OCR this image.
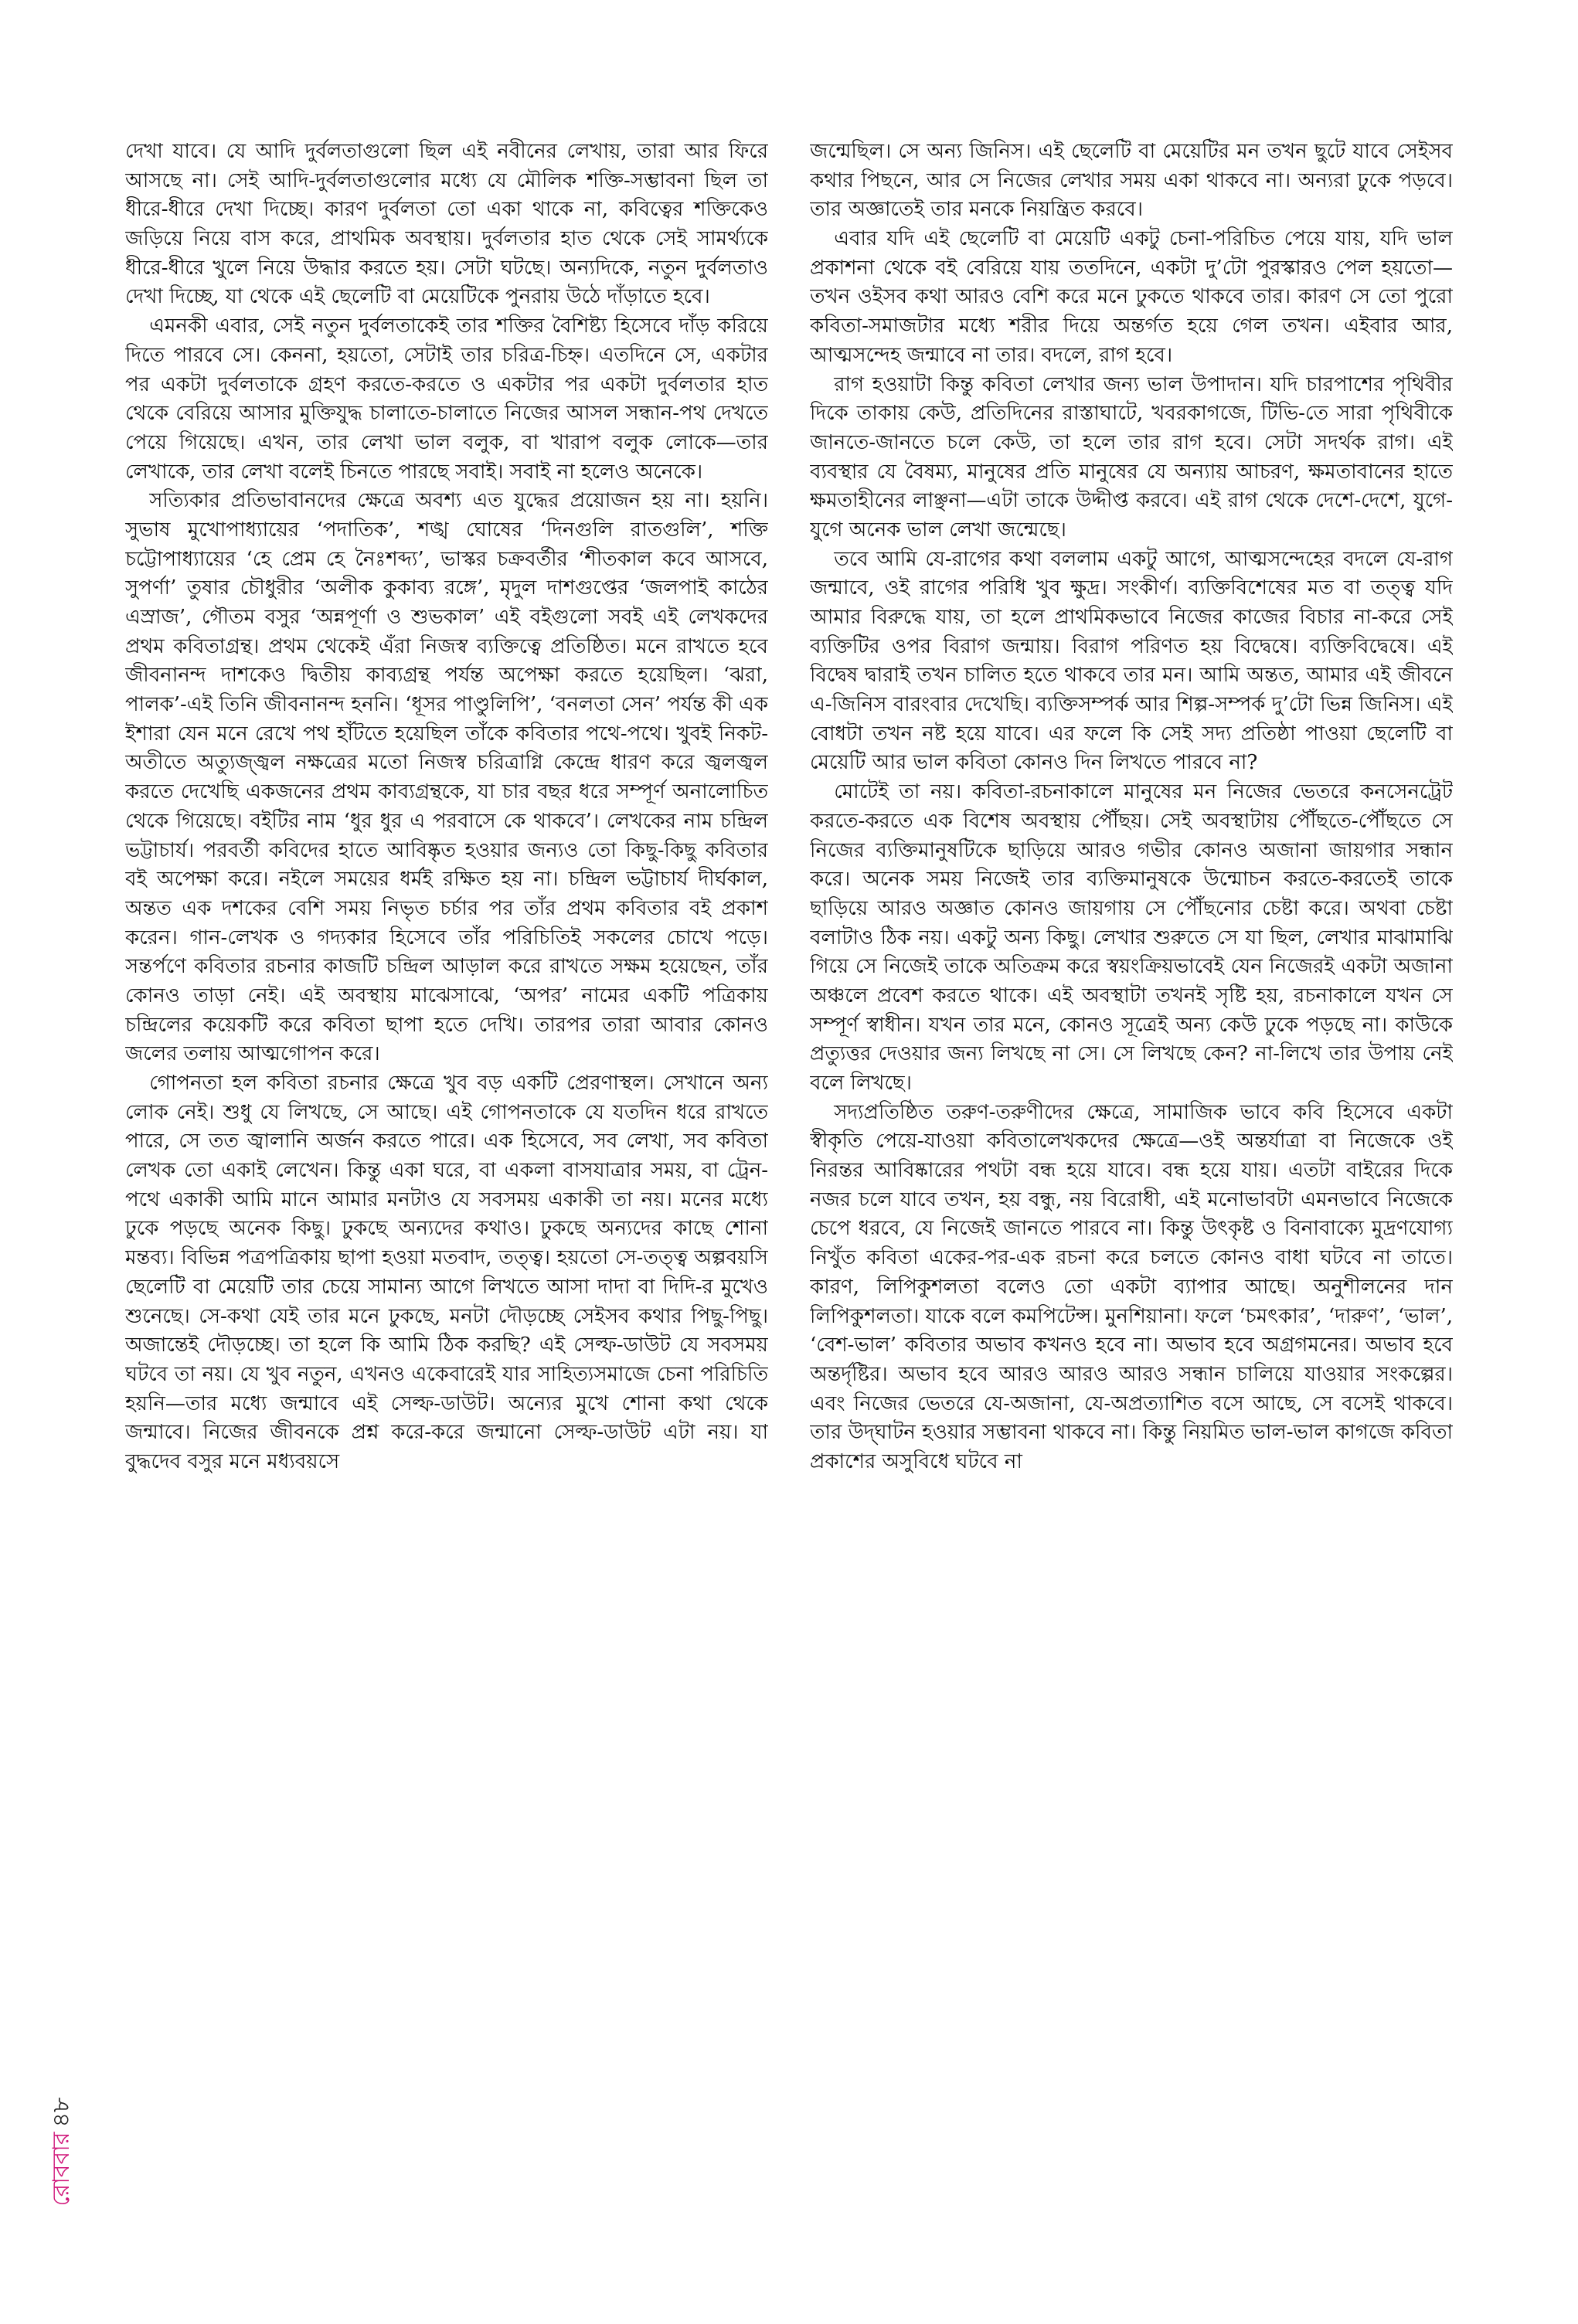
দেখা যাবে। যে আদি দুর্বলতাগুলো ছিল এই নবীনের লেখায়, তারা আর ফিরে আসছে না। সেই আদি-দুর্বলতাগুলোর মধ্যে যে মৌলিক শক্তি-সম্ভাবনা ছিল তা ধীরে-ধীরে দেখা দিচ্ছে। কারণ দুর্বলতা তো একা থাকে না, কবিত্বের শক্তিকেও জড়িয়ে নিয়ে বাস করে, প্রাথমিক অবস্থায়। দুর্বলতার হাত থেকে সেই সামর্থ্যকে ধীরে-ধীরে খুলে নিয়ে উদ্ধার করতে হয়। সেটা ঘটছে। অন্যদিকে, নতুন দুর্বলতাও দেখা দিচ্ছে, যা থেকে এই ছেলেটি বা মেয়েটিকে পুনরায় উঠে দাঁড়াতে হবে।

এমনকী এবার, সেই নতুন দুর্বলতাকেই তার শক্তির বৈশিষ্ট্য হিসেবে দাঁড় করিয়ে দিতে পারবে সে। কেননা, হয়তো, সেটাই তার চরিত্র-চিহ্ন। এতদিনে সে, একটার পর একটা দুর্বলতাকে গ্রহণ করতে-করতে ও একটার পর একটা দুর্বলতার হাত থেকে বেরিয়ে আসার মুক্তিযুদ্ধ চালাতে-চালাতে নিজের আসল সন্ধান-পথ দেখতে পেয়ে গিয়েছে। এখন, তার লেখা ভাল বলুক, বা খারাপ বলুক লোকে—তার লেখাকে, তার লেখা বলেই চিনতে পারছে সবাই। সবাই না হলেও অনেকে।

সত্যিকার প্রতিভাবানদের ক্ষেত্রে অবশ্য এত যুদ্ধের প্রয়োজন হয় না। হয়নি। সুভাষ মুখোপাধ্যায়ের ‘পদাতিক’, শঙ্খ ঘোষের ‘দিনগুলি রাতগুলি’, শক্তি চট্টোপাধ্যায়ের ‘হে প্রেম হে নৈঃশব্দ্য’, ভাস্কর চক্রবর্তীর ‘শীতকাল কবে আসবে, সুপর্ণা’ তুষার চৌধুরীর ‘অলীক কুকাব্য রঙ্গে’, মৃদুল দাশগুপ্তের ‘জলপাই কাঠের এস্রাজ’, গৌতম বসুর ‘অন্নপূর্ণা ও শুভকাল’ এই বইগুলো সবই এই লেখকদের প্রথম কবিতাগ্রন্থ। প্রথম থেকেই এঁরা নিজস্ব ব্যক্তিত্বে প্রতিষ্ঠিত। মনে রাখতে হবে জীবনানন্দ দাশকেও দ্বিতীয় কাব্যগ্রন্থ পর্যন্ত অপেক্ষা করতে হয়েছিল। ‘ঝরা, পালক’-এই তিনি জীবনানন্দ হননি। ‘ধূসর পাণ্ডুলিপি’, ‘বনলতা সেন’ পর্যন্ত কী এক ইশারা যেন মনে রেখে পথ হাঁটতে হয়েছিল তাঁকে কবিতার পথে-পথে। খুবই নিকট-অতীতে অত্যুজ্জ্বল নক্ষত্রের মতো নিজস্ব চরিত্রাগ্নি কেন্দ্রে ধারণ করে জ্বলজ্বল করতে দেখেছি একজনের প্রথম কাব্যগ্রন্থকে, যা চার বছর ধরে সম্পূর্ণ অনালোচিত থেকে গিয়েছে। বইটির নাম ‘ধুর ধুর এ পরবাসে কে থাকবে’। লেখকের নাম চন্দ্রিল ভট্টাচার্য। পরবর্তী কবিদের হাতে আবিষ্কৃত হওয়ার জন্যও তো কিছু-কিছু কবিতার বই অপেক্ষা করে। নইলে সময়ের ধর্মই রক্ষিত হয় না। চন্দ্রিল ভট্টাচার্য দীর্ঘকাল, অন্তত এক দশকের বেশি সময় নিভৃত চর্চার পর তাঁর প্রথম কবিতার বই প্রকাশ করেন। গান-লেখক ও গদ্যকার হিসেবে তাঁর পরিচিতিই সকলের চোখে পড়ে। সন্তর্পণে কবিতার রচনার কাজটি চন্দ্রিল আড়াল করে রাখতে সক্ষম হয়েছেন, তাঁর কোনও তাড়া নেই। এই অবস্থায় মাঝেসাঝে, ‘অপর’ নামের একটি পত্রিকায় চন্দ্রিলের কয়েকটি করে কবিতা ছাপা হতে দেখি। তারপর তারা আবার কোনও জলের তলায় আত্মগোপন করে।

গোপনতা হল কবিতা রচনার ক্ষেত্রে খুব বড় একটি প্রেরণাস্থল। সেখানে অন্য লোক নেই। শুধু যে লিখছে, সে আছে। এই গোপনতাকে যে যতদিন ধরে রাখতে পারে, সে তত জ্বালানি অর্জন করতে পারে। এক হিসেবে, সব লেখা, সব কবিতা লেখক তো একাই লেখেন। কিন্তু একা ঘরে, বা একলা বাসযাত্রার সময়, বা ট্রেন-পথে একাকী আমি মানে আমার মনটাও যে সবসময় একাকী তা নয়। মনের মধ্যে ঢুকে পড়ছে অনেক কিছু। ঢুকছে অন্যদের কথাও। ঢুকছে অন্যদের কাছে শোনা মন্তব্য। বিভিন্ন পত্রপত্রিকায় ছাপা হওয়া মতবাদ, তত্ত্ব। হয়তো সে-তত্ত্ব অল্পবয়সি ছেলেটি বা মেয়েটি তার চেয়ে সামান্য আগে লিখতে আসা দাদা বা দিদি-র মুখেও শুনেছে। সে-কথা যেই তার মনে ঢুকছে, মনটা দৌড়চ্ছে সেইসব কথার পিছু-পিছু। অজান্তেই দৌড়চ্ছে। তা হলে কি আমি ঠিক করছি? এই সেল্ফ-ডাউট যে সবসময় ঘটবে তা নয়। যে খুব নতুন, এখনও একেবারেই যার সাহিত্যসমাজে চেনা পরিচিতি হয়নি—তার মধ্যে জন্মাবে এই সেল্ফ-ডাউট। অন্যের মুখে শোনা কথা থেকে জন্মাবে। নিজের জীবনকে প্রশ্ন করে-করে জন্মানো সেল্ফ-ডাউট এটা নয়। যা বুদ্ধদেব বসুর মনে মধ্যবয়সে

জন্মেছিল। সে অন্য জিনিস। এই ছেলেটি বা মেয়েটির মন তখন ছুটে যাবে সেইসব কথার পিছনে, আর সে নিজের লেখার সময় একা থাকবে না। অন্যরা ঢুকে পড়বে। তার অজ্ঞাতেই তার মনকে নিয়ন্ত্রিত করবে।

এবার যদি এই ছেলেটি বা মেয়েটি একটু চেনা-পরিচিত পেয়ে যায়, যদি ভাল প্রকাশনা থেকে বই বেরিয়ে যায় ততদিনে, একটা দু’টো পুরস্কারও পেল হয়তো—তখন ওইসব কথা আরও বেশি করে মনে ঢুকতে থাকবে তার। কারণ সে তো পুরো কবিতা-সমাজটার মধ্যে শরীর দিয়ে অন্তর্গত হয়ে গেল তখন। এইবার আর, আত্মসন্দেহ জন্মাবে না তার। বদলে, রাগ হবে।

রাগ হওয়াটা কিন্তু কবিতা লেখার জন্য ভাল উপাদান। যদি চারপাশের পৃথিবীর দিকে তাকায় কেউ, প্রতিদিনের রাস্তাঘাটে, খবরকাগজে, টিভি-তে সারা পৃথিবীকে জানতে-জানতে চলে কেউ, তা হলে তার রাগ হবে। সেটা সদর্থক রাগ। এই ব্যবস্থার যে বৈষম্য, মানুষের প্রতি মানুষের যে অন্যায় আচরণ, ক্ষমতাবানের হাতে ক্ষমতাহীনের লাঞ্ছনা—এটা তাকে উদ্দীপ্ত করবে। এই রাগ থেকে দেশে-দেশে, যুগে-যুগে অনেক ভাল লেখা জন্মেছে।

তবে আমি যে-রাগের কথা বললাম একটু আগে, আত্মসন্দেহের বদলে যে-রাগ জন্মাবে, ওই রাগের পরিধি খুব ক্ষুদ্র। সংকীর্ণ। ব্যক্তিবিশেষের মত বা তত্ত্ব যদি আমার বিরুদ্ধে যায়, তা হলে প্রাথমিকভাবে নিজের কাজের বিচার না-করে সেই ব্যক্তিটির ওপর বিরাগ জন্মায়। বিরাগ পরিণত হয় বিদ্বেষে। ব্যক্তিবিদ্বেষে। এই বিদ্বেষ দ্বারাই তখন চালিত হতে থাকবে তার মন। আমি অন্তত, আমার এই জীবনে এ-জিনিস বারংবার দেখেছি। ব্যক্তিসম্পর্ক আর শিল্প-সম্পর্ক দু’টো ভিন্ন জিনিস। এই বোধটা তখন নষ্ট হয়ে যাবে। এর ফলে কি সেই সদ্য প্রতিষ্ঠা পাওয়া ছেলেটি বা মেয়েটি আর ভাল কবিতা কোনও দিন লিখতে পারবে না?

মোটেই তা নয়। কবিতা-রচনাকালে মানুষের মন নিজের ভেতরে কনসেনট্রেট করতে-করতে এক বিশেষ অবস্থায় পৌঁছয়। সেই অবস্থাটায় পৌঁছতে-পৌঁছতে সে নিজের ব্যক্তিমানুষটিকে ছাড়িয়ে আরও গভীর কোনও অজানা জায়গার সন্ধান করে। অনেক সময় নিজেই তার ব্যক্তিমানুষকে উন্মোচন করতে-করতেই তাকে ছাড়িয়ে আরও অজ্ঞাত কোনও জায়গায় সে পৌঁছনোর চেষ্টা করে। অথবা চেষ্টা বলাটাও ঠিক নয়। একটু অন্য কিছু। লেখার শুরুতে সে যা ছিল, লেখার মাঝামাঝি গিয়ে সে নিজেই তাকে অতিক্রম করে স্বয়ংক্রিয়ভাবেই যেন নিজেরই একটা অজানা অঞ্চলে প্রবেশ করতে থাকে। এই অবস্থাটা তখনই সৃষ্টি হয়, রচনাকালে যখন সে সম্পূর্ণ স্বাধীন। যখন তার মনে, কোনও সূত্রেই অন্য কেউ ঢুকে পড়ছে না। কাউকে প্রত্যুত্তর দেওয়ার জন্য লিখছে না সে। সে লিখছে কেন? না-লিখে তার উপায় নেই বলে লিখছে।

সদ্যপ্রতিষ্ঠিত তরুণ-তরুণীদের ক্ষেত্রে, সামাজিক ভাবে কবি হিসেবে একটা স্বীকৃতি পেয়ে-যাওয়া কবিতালেখকদের ক্ষেত্রে—ওই অন্তর্যাত্রা বা নিজেকে ওই নিরন্তর আবিষ্কারের পথটা বন্ধ হয়ে যাবে। বন্ধ হয়ে যায়। এতটা বাইরের দিকে নজর চলে যাবে তখন, হয় বন্ধু, নয় বিরোধী, এই মনোভাবটা এমনভাবে নিজেকে চেপে ধরবে, যে নিজেই জানতে পারবে না। কিন্তু উৎকৃষ্ট ও বিনাবাক্যে মুদ্রণযোগ্য নিখুঁত কবিতা একের-পর-এক রচনা করে চলতে কোনও বাধা ঘটবে না তাতে। কারণ, লিপিকুশলতা বলেও তো একটা ব্যাপার আছে। অনুশীলনের দান লিপিকুশলতা। যাকে বলে কমপিটেন্স। মুনশিয়ানা। ফলে ‘চমৎকার’, ‘দারুণ’, ‘ভাল’, ‘বেশ-ভাল’ কবিতার অভাব কখনও হবে না। অভাব হবে অগ্রগমনের। অভাব হবে অন্তর্দৃষ্টির। অভাব হবে আরও আরও আরও সন্ধান চালিয়ে যাওয়ার সংকল্পের। এবং নিজের ভেতরে যে-অজানা, যে-অপ্রত্যাশিত বসে আছে, সে বসেই থাকবে। তার উদ্‌ঘাটন হওয়ার সম্ভাবনা থাকবে না। কিন্তু নিয়মিত ভাল-ভাল কাগজে কবিতা প্রকাশের অসুবিধে ঘটবে না

রোববার৪৮
